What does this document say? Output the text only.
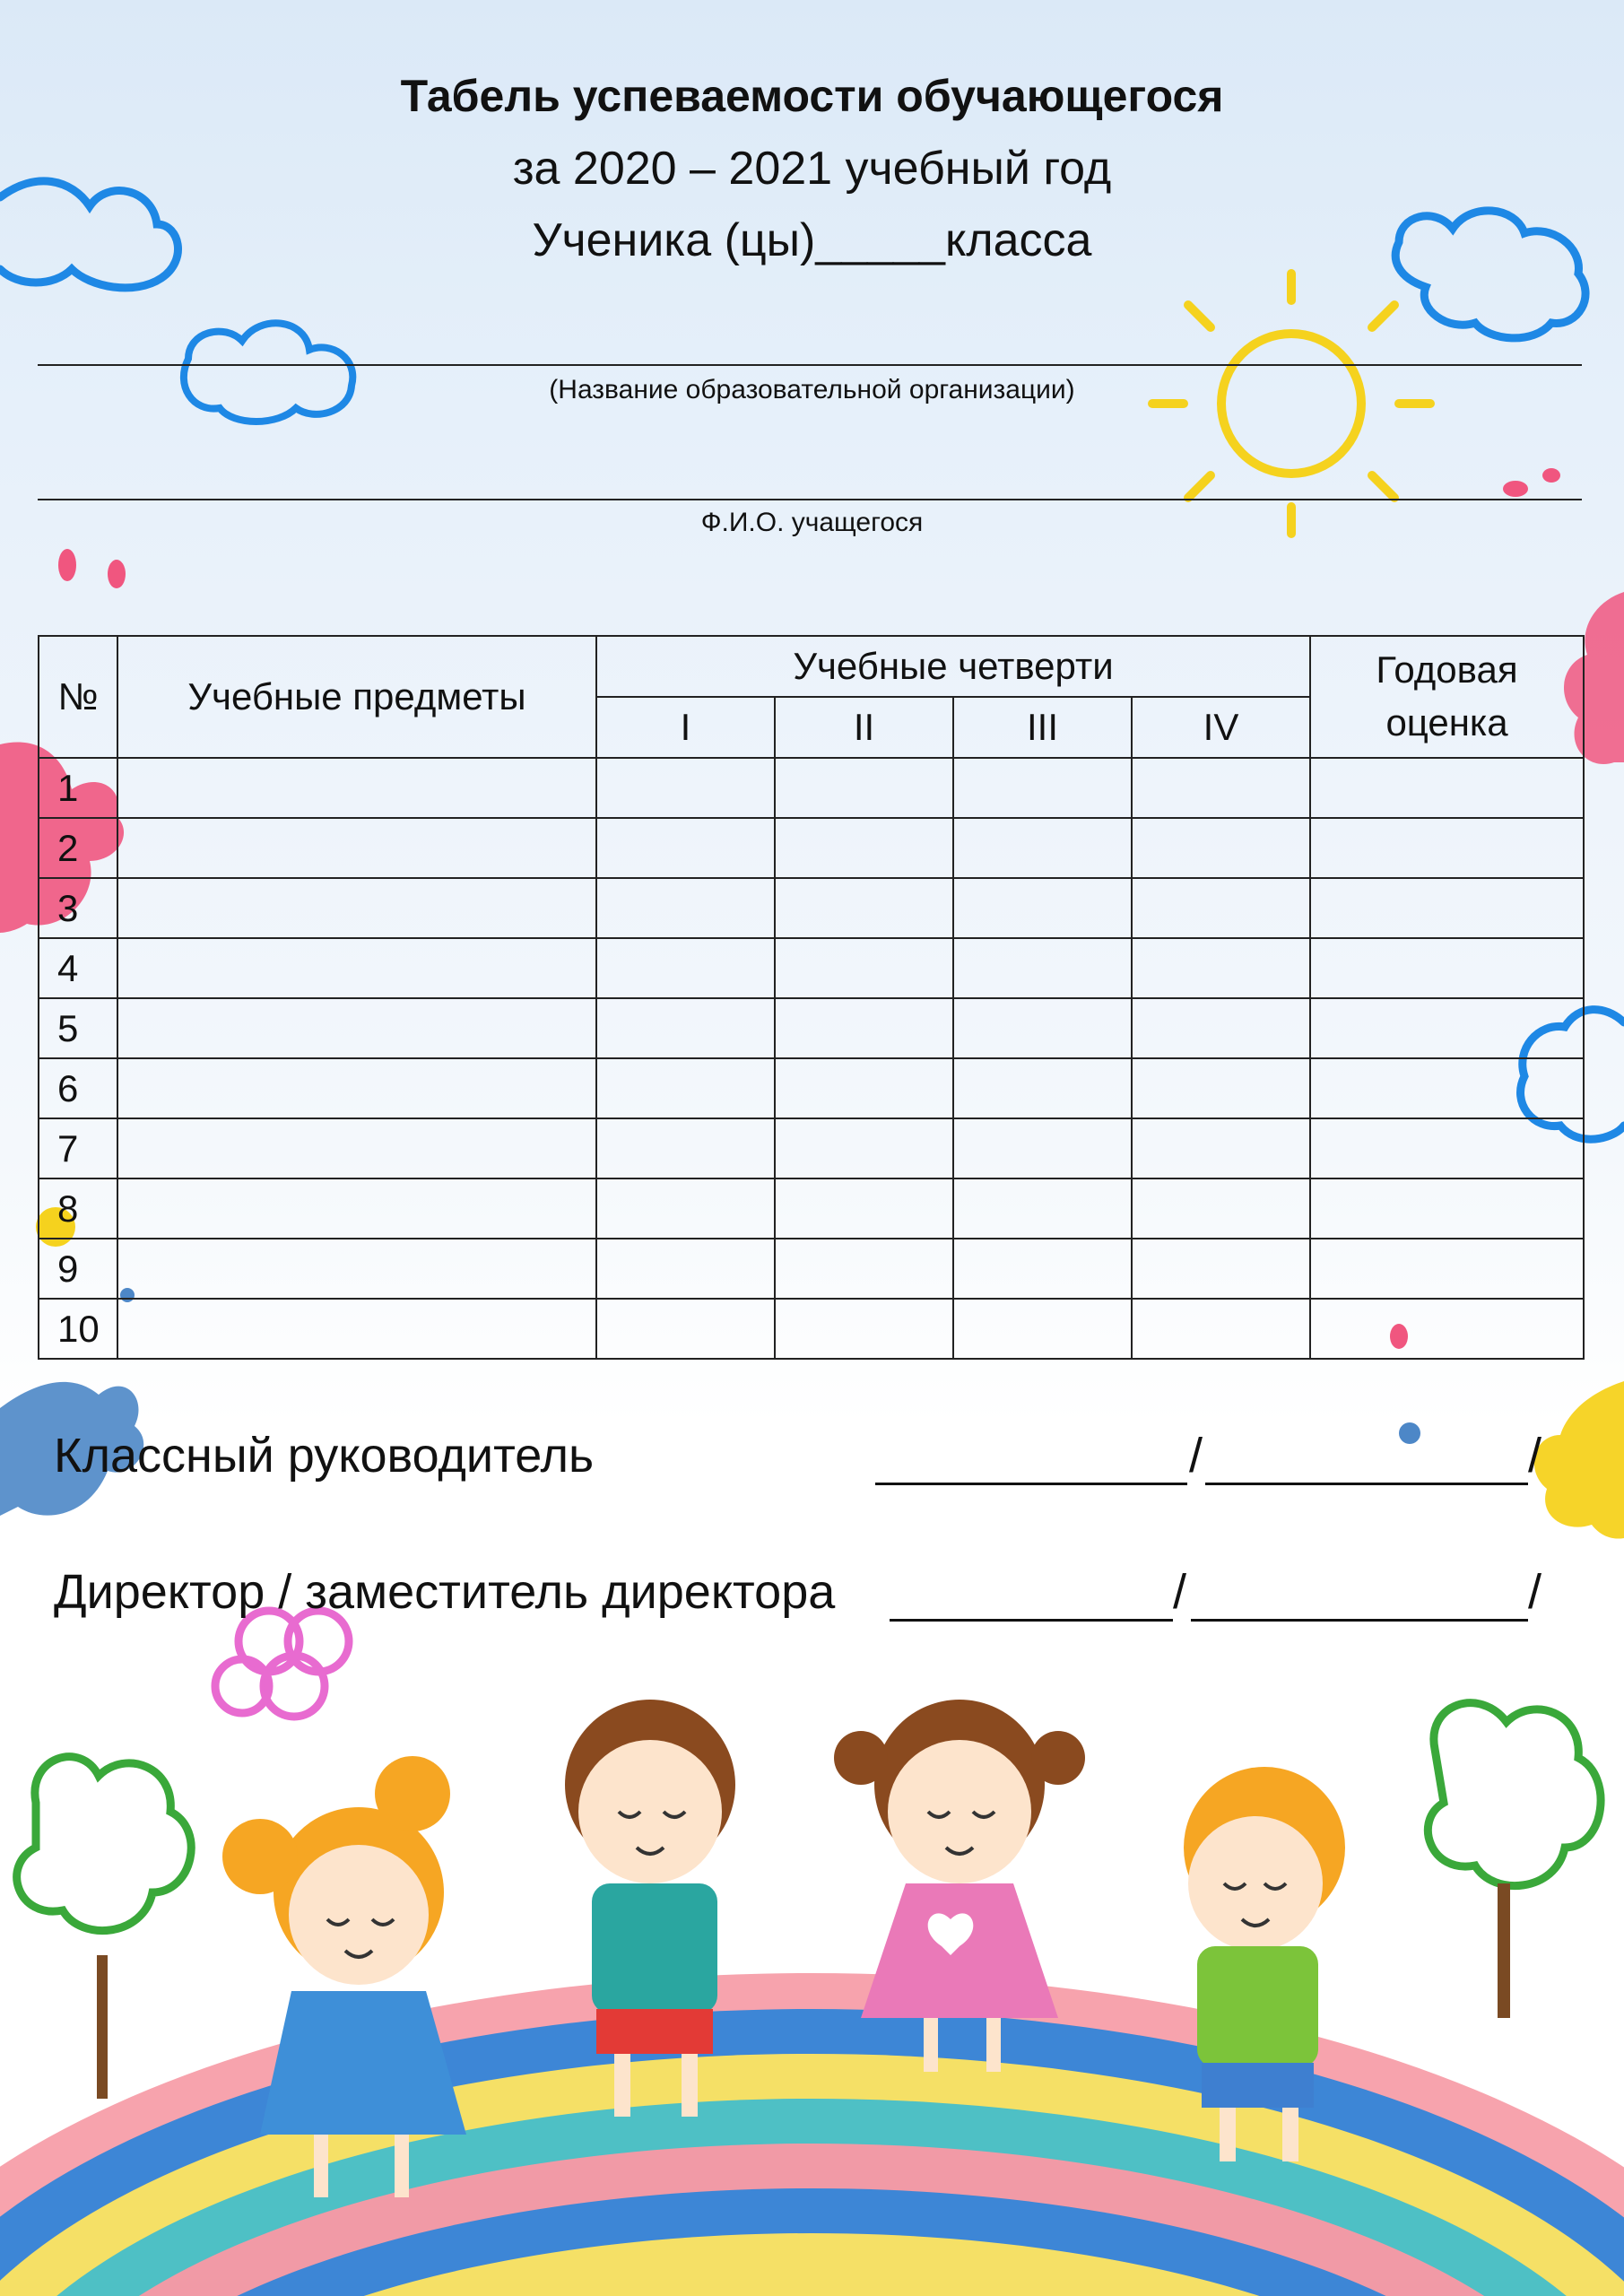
Табель успеваемости обучающегося
за 2020 – 2021 учебный год
Ученика (цы)_____класса
(Название образовательной организации)
Ф.И.О. учащегося
№	Учебные предметы	Учебные четверти				Годовая оценка
		I	II	III	IV	
1						
2						
3						
4						
5						
6						
7						
8						
9						
10						
Классный руководитель	/	/
Директор / заместитель директора	/	/
